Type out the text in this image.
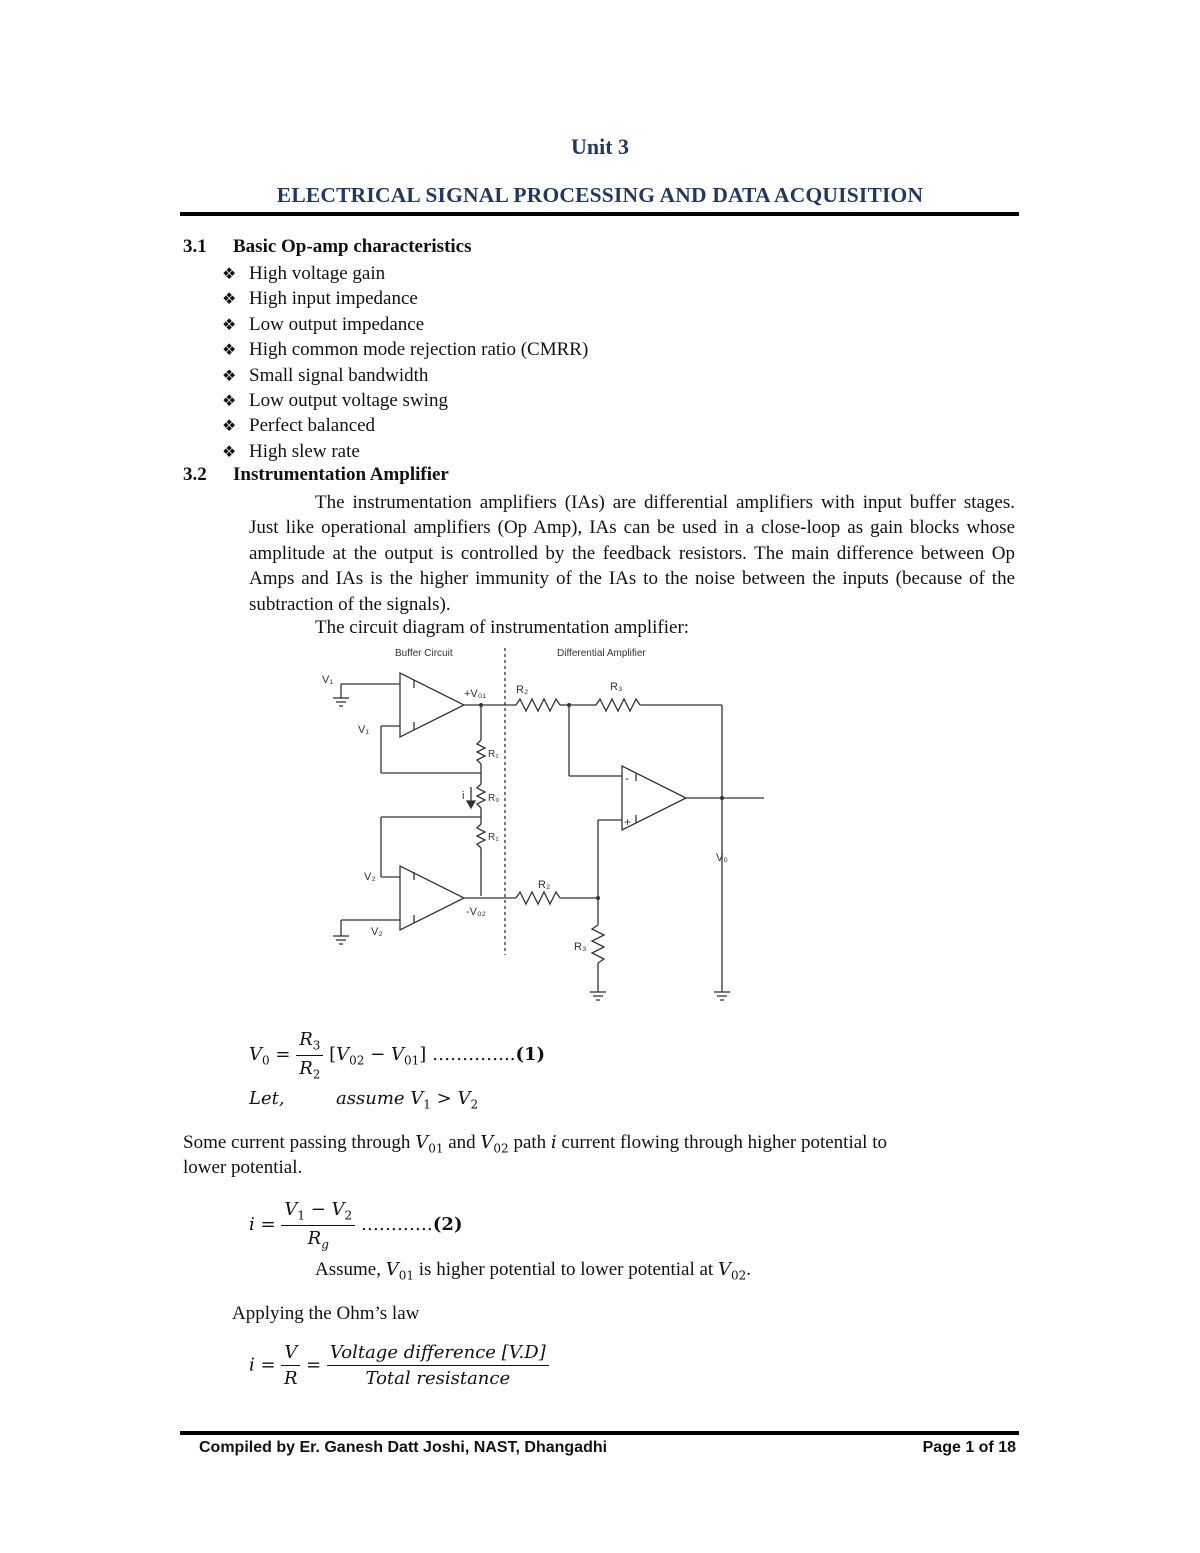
Unit 3
ELECTRICAL SIGNAL PROCESSING AND DATA ACQUISITION
3.1 Basic Op-amp characteristics
❖ High voltage gain
❖ High input impedance
❖ Low output impedance
❖ High common mode rejection ratio (CMRR)
❖ Small signal bandwidth
❖ Low output voltage swing
❖ Perfect balanced
❖ High slew rate
3.2 Instrumentation Amplifier

The instrumentation amplifiers (IAs) are differential amplifiers with input buffer stages. Just like operational amplifiers (Op Amp), IAs can be used in a close-loop as gain blocks whose amplitude at the output is controlled by the feedback resistors. The main difference between Op Amps and IAs is the higher immunity of the IAs to the noise between the inputs (because of the subtraction of the signals).

The circuit diagram of instrumentation amplifier:
Buffer Circuit	Differential Amplifier
V₁
V₁
V₂
V₂
+V₀₁
-V₀₂
R₁
R₉
R₁
i
R₂	R₃
R₂
R₃
V₀
-
+
$V_0 = \frac{R_3}{R_2} [V_{02} - V_{01}]$ …………..(1)
Let,	assume $V_1 > V_2$
Some current passing through $V_{01}$ and $V_{02}$ path i current flowing through higher potential to
lower potential.
$i = \frac{V_1 - V_2}{R_g}$ …………(2)
Assume, $V_{01}$ is higher potential to lower potential at $V_{02}$.
Applying the Ohm’s law
$i = \frac{V}{R} = \frac{\text{Voltage difference [V.D]}}{\text{Total resistance}}$
Compiled by Er. Ganesh Datt Joshi, NAST, Dhangadhi	Page 1 of 18
